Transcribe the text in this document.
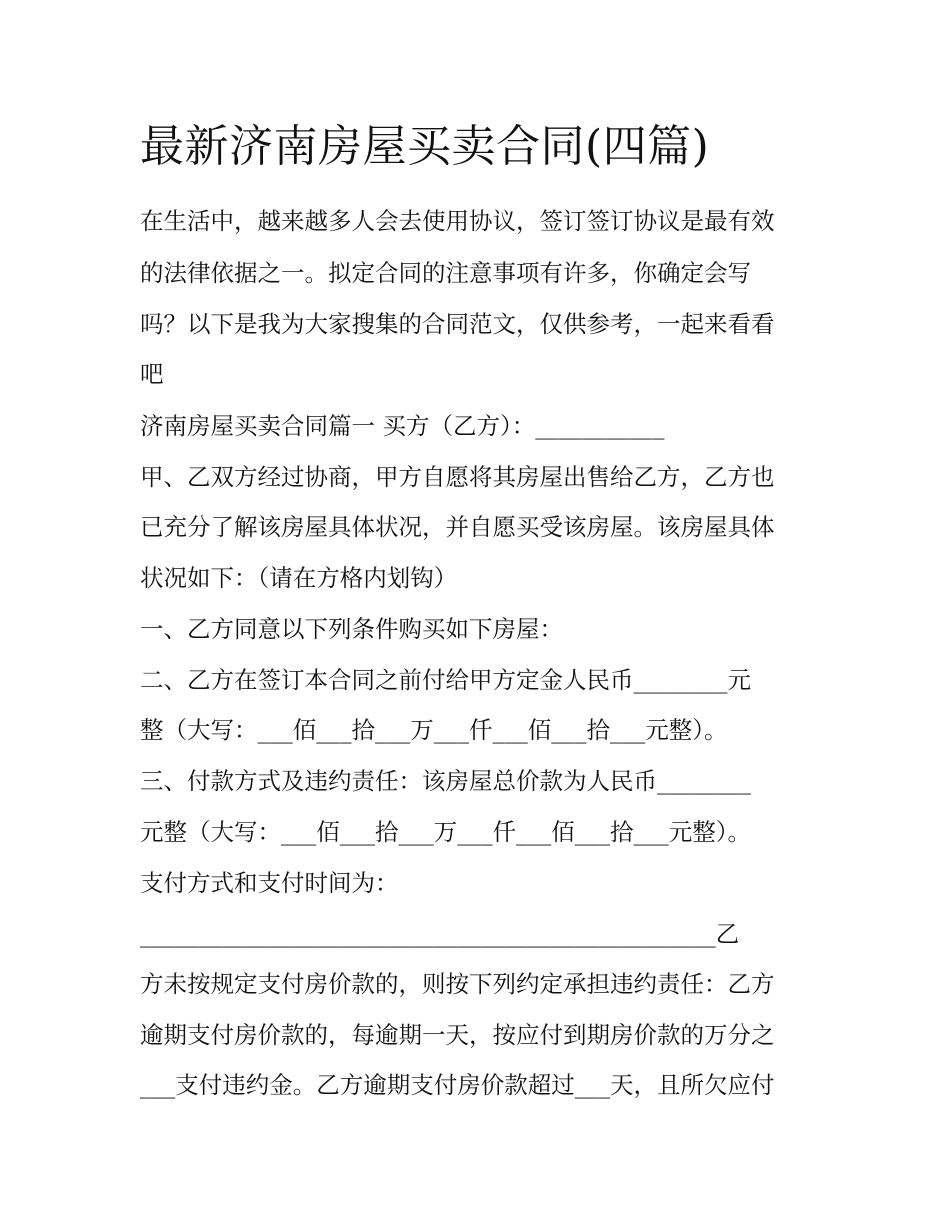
最新济南房屋买卖合同(四篇)
在生活中，越来越多人会去使用协议，签订签订协议是最有效
的法律依据之一。拟定合同的注意事项有许多，你确定会写
吗？以下是我为大家搜集的合同范文，仅供参考，一起来看看
吧
济南房屋买卖合同篇一 买方（乙方）：___________
甲、乙双方经过协商，甲方自愿将其房屋出售给乙方，乙方也
已充分了解该房屋具体状况，并自愿买受该房屋。该房屋具体
状况如下：（请在方格内划钩）
一、乙方同意以下列条件购买如下房屋：
二、乙方在签订本合同之前付给甲方定金人民币________元
整（大写：___佰___拾___万___仟___佰___拾___元整）。
三、付款方式及违约责任：该房屋总价款为人民币________
元整（大写：___佰___拾___万___仟___佰___拾___元整）。
支付方式和支付时间为：
_________________________________________________乙
方未按规定支付房价款的，则按下列约定承担违约责任：乙方
逾期支付房价款的，每逾期一天，按应付到期房价款的万分之
___支付违约金。乙方逾期支付房价款超过___天，且所欠应付
